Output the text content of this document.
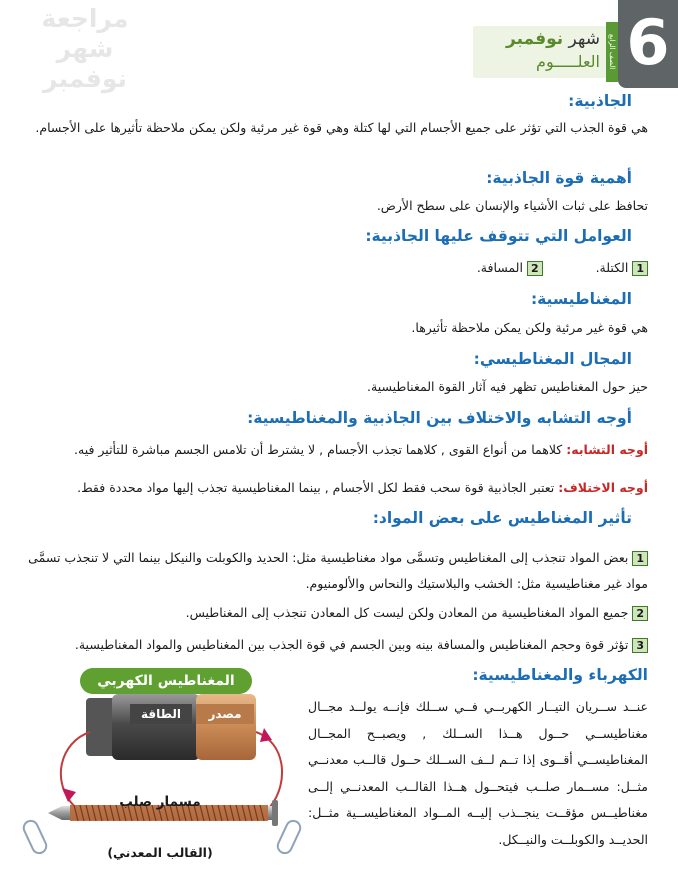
مراجعة شهر
نوفمبر
شهر نوفمبر
العلـــــوم الصف الرابع 6
الجاذبية:

هي قوة الجذب التي تؤثر على جميع الأجسام التي لها كتلة وهي قوة غير مرئية ولكن يمكن ملاحظة تأثيرها على الأجسام.

أهمية قوة الجاذبية:

تحافظ على ثبات الأشياء والإنسان على سطح الأرض.

العوامل التي تتوقف عليها الجاذبية:
1الكتلة.  2المسافة.
المغناطيسية:

هي قوة غير مرئية ولكن يمكن ملاحظة تأثيرها.

المجال المغناطيسي:

حيز حول المغناطيس تظهر فيه آثار القوة المغناطيسية.

أوجه التشابه والاختلاف بين الجاذبية والمغناطيسية:

أوجه التشابه: كلاهما من أنواع القوى , كلاهما تجذب الأجسام , لا يشترط أن تلامس الجسم مباشرة للتأثير فيه.

أوجه الاختلاف: تعتبر الجاذبية قوة سحب فقط لكل الأجسام , بينما المغناطيسية تجذب إليها مواد محددة فقط.

تأثير المغناطيس على بعض المواد:

1بعض المواد تنجذب إلى المغناطيس وتسمَّى مواد مغناطيسية مثل: الحديد والكوبلت والنيكل بينما التي لا تنجذب تسمَّى مواد غير مغناطيسية مثل: الخشب والبلاستيك والنحاس والألومنيوم.

2جميع المواد المغناطيسية من المعادن ولكن ليست كل المعادن تنجذب إلى المغناطيس.

3تؤثر قوة وحجم المغناطيس والمسافة بينه وبين الجسم في قوة الجذب بين المغناطيس والمواد المغناطيسية.

الكهرباء والمغناطيسية:

عنــد ســريان التيــار الكهربــي فــي ســلك فإنــه يولــد مجــال مغناطيســي حــول هــذا الســلك , ويصبــح المجــال المغناطيســي أقــوى إذا تــم لــف الســلك حــول قالــب معدنــي مثــل: مســمار صلــب فيتحــول هــذا القالــب المعدنــي إلــى مغناطيــس مؤقــت ينجــذب إليــه المــواد المغناطيســية مثــل: الحديــد والكوبلــت والنيــكل.

المغناطيس الكهربي
الطاقة	مصدر
مسمار صلب
(القالب المعدني)
